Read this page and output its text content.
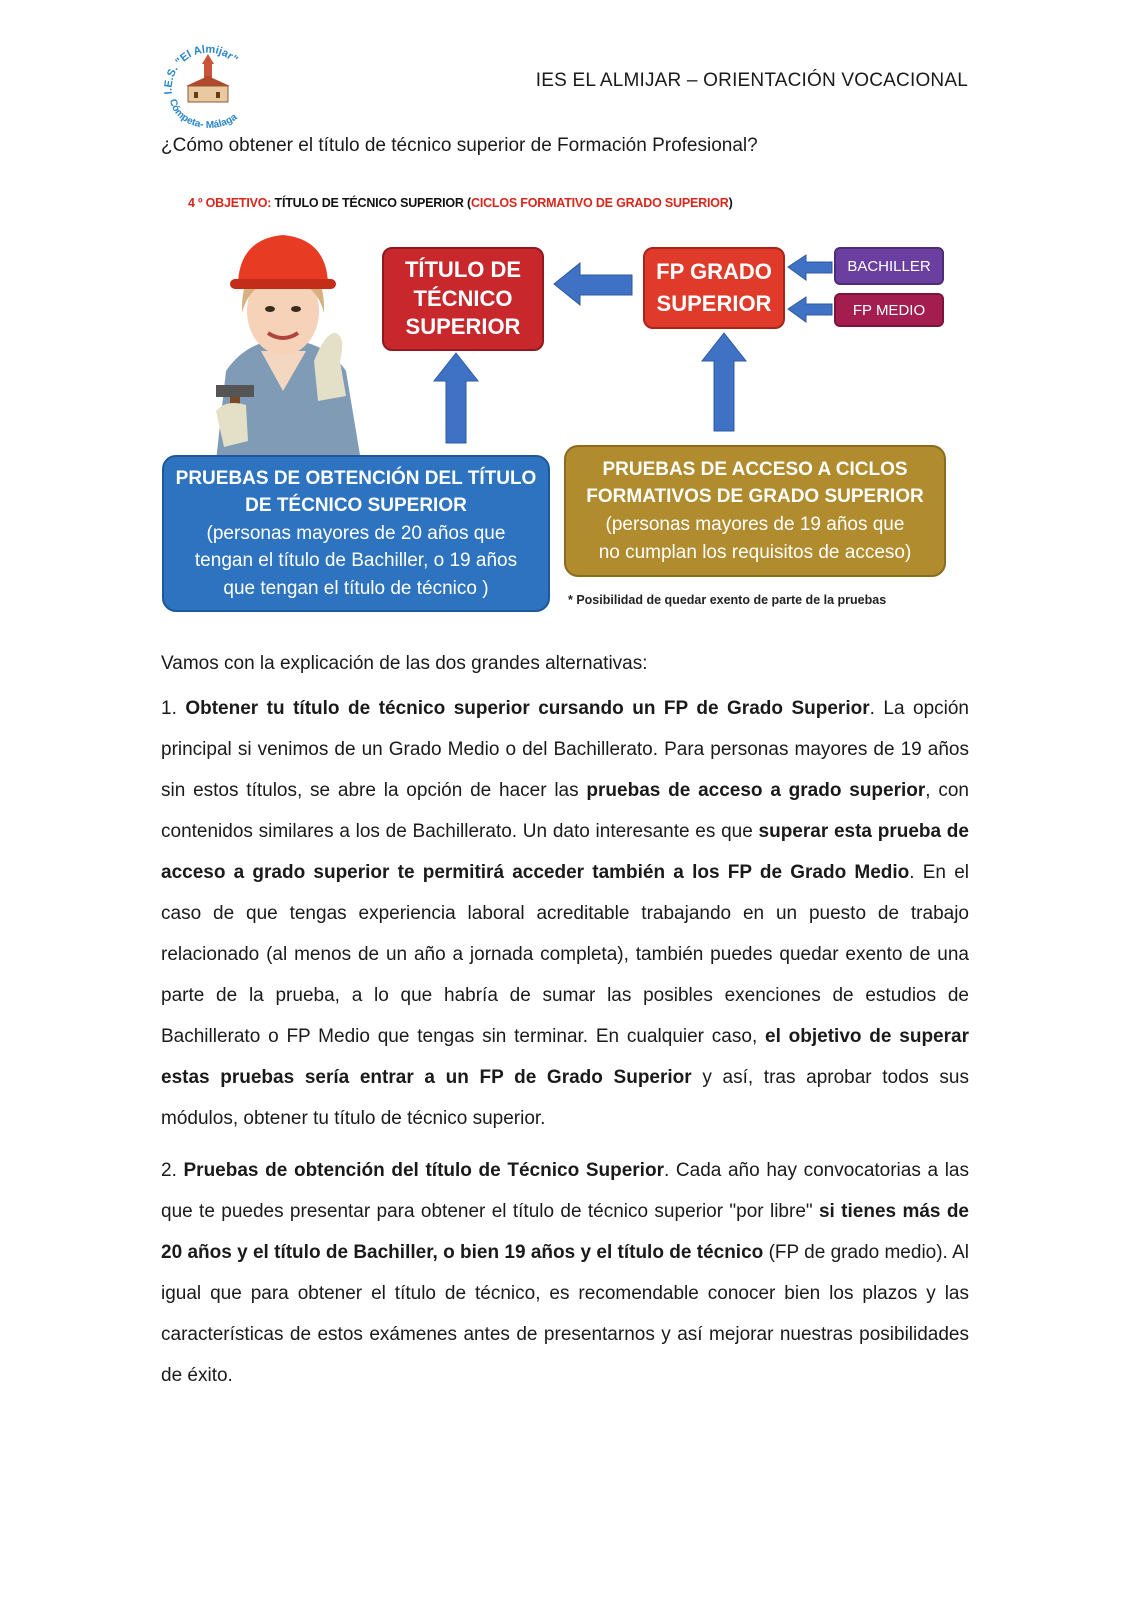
I.E.S. "El Almijar"
Cómpeta- Málaga
IES EL ALMIJAR – ORIENTACIÓN VOCACIONAL
¿Cómo obtener el título de técnico superior de Formación Profesional?
4 º OBJETIVO: TÍTULO DE TÉCNICO SUPERIOR (CICLOS FORMATIVO DE GRADO SUPERIOR)
TÍTULO DE
TÉCNICO
SUPERIOR
FP GRADO
SUPERIOR
BACHILLER
FP MEDIO
PRUEBAS DE OBTENCIÓN DEL TÍTULO
DE TÉCNICO SUPERIOR
(personas mayores de 20 años que
tengan el título de Bachiller, o 19 años
que tengan el título de técnico )
PRUEBAS DE ACCESO A CICLOS
FORMATIVOS DE GRADO SUPERIOR
(personas mayores de 19 años que
no cumplan los requisitos de acceso)
* Posibilidad de quedar exento de parte de la pruebas
Vamos con la explicación de las dos grandes alternativas:
1. Obtener tu título de técnico superior cursando un FP de Grado Superior. La opción principal si venimos de un Grado Medio o del Bachillerato. Para personas mayores de 19 años sin estos títulos, se abre la opción de hacer las pruebas de acceso a grado superior, con contenidos similares a los de Bachillerato. Un dato interesante es que superar esta prueba de acceso a grado superior te permitirá acceder también a los FP de Grado Medio. En el caso de que tengas experiencia laboral acreditable trabajando en un puesto de trabajo relacionado (al menos de un año a jornada completa), también puedes quedar exento de una parte de la prueba, a lo que habría de sumar las posibles exenciones de estudios de Bachillerato o FP Medio que tengas sin terminar. En cualquier caso, el objetivo de superar estas pruebas sería entrar a un FP de Grado Superior y así, tras aprobar todos sus módulos, obtener tu título de técnico superior.
2. Pruebas de obtención del título de Técnico Superior. Cada año hay convocatorias a las que te puedes presentar para obtener el título de técnico superior "por libre" si tienes más de 20 años y el título de Bachiller, o bien 19 años y el título de técnico (FP de grado medio). Al igual que para obtener el título de técnico, es recomendable conocer bien los plazos y las características de estos exámenes antes de presentarnos y así mejorar nuestras posibilidades de éxito.
